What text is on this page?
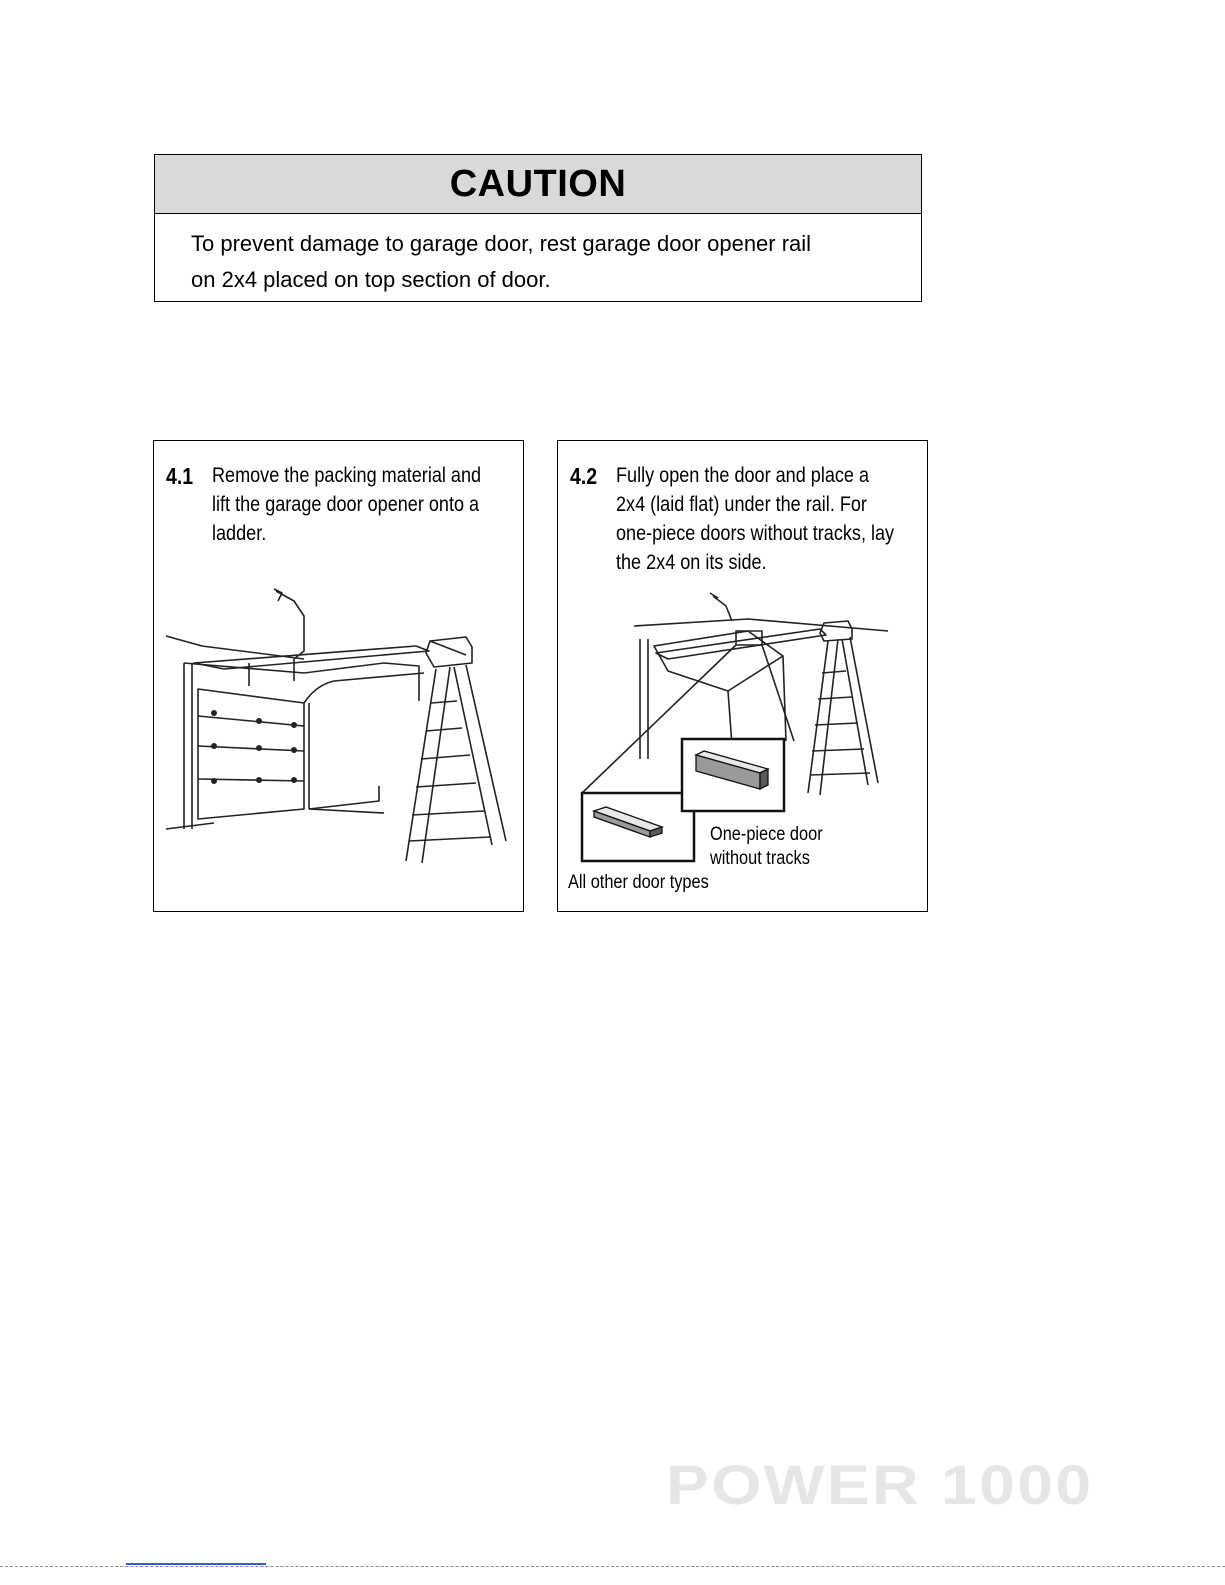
CAUTION
To prevent damage to garage door, rest garage door opener rail
on 2x4 placed on top section of door.
4.1 Remove the packing material and
lift the garage door opener onto a
ladder.
4.2 Fully open the door and place a
2x4 (laid flat) under the rail. For
one-piece doors without tracks, lay
the 2x4 on its side.
One-piece door
without tracks
All other door types
POWER 1000
